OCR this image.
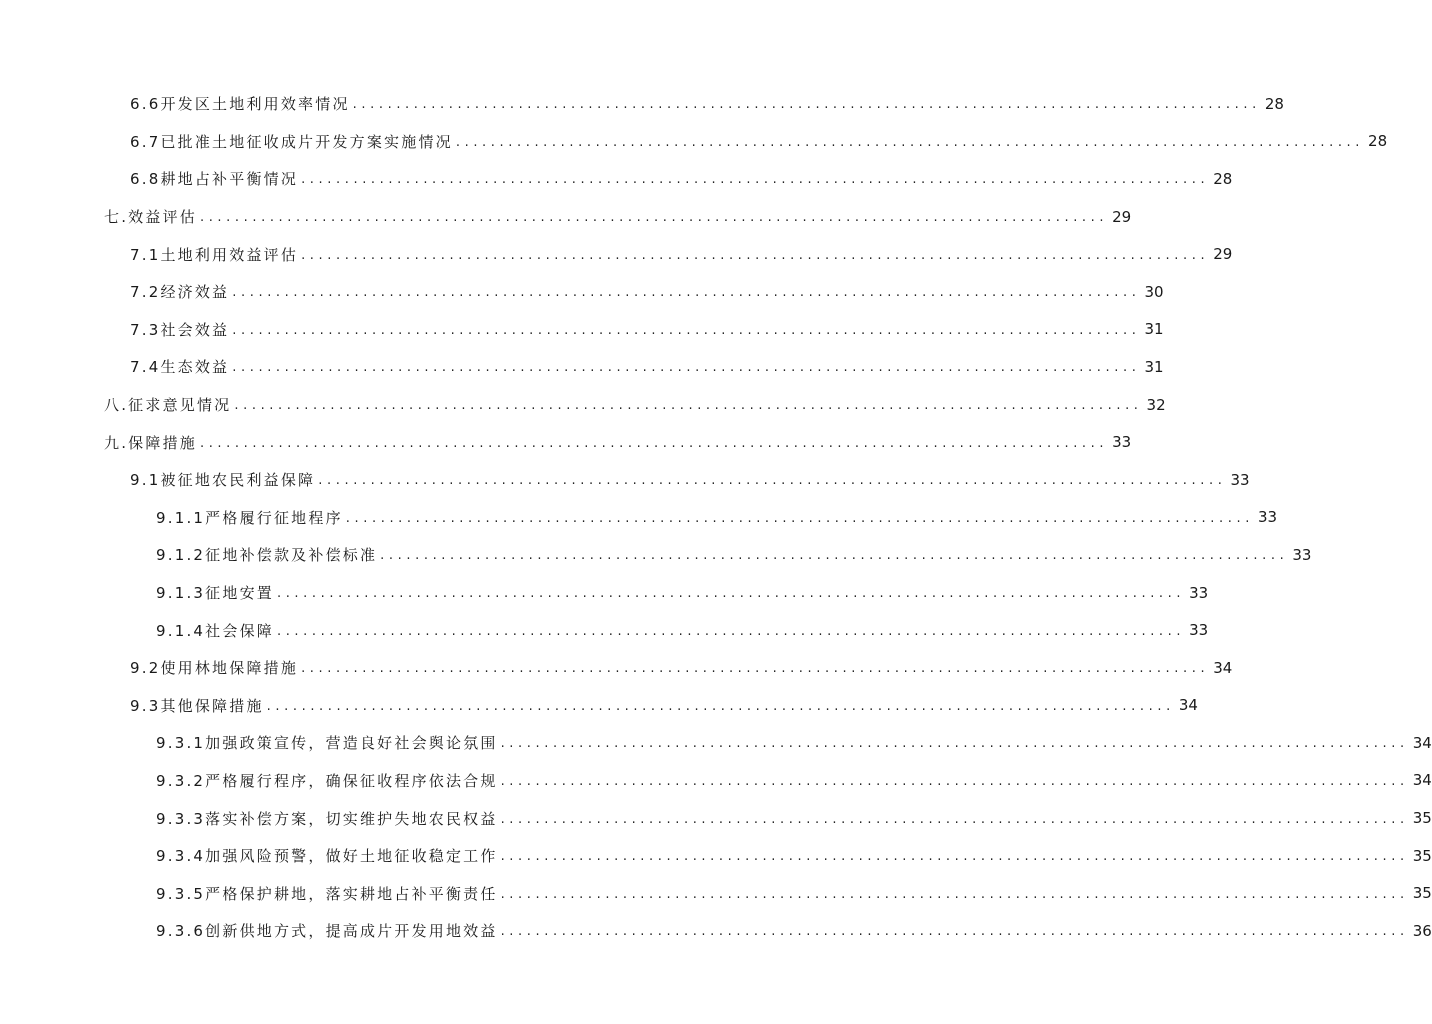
6.6开发区土地利用效率情况 ........................................................................................................ 28
6.7已批准土地征收成片开发方案实施情况 ........................................................................................................ 28
6.8耕地占补平衡情况 ........................................................................................................ 28
七.效益评估 ........................................................................................................ 29
7.1土地利用效益评估 ........................................................................................................ 29
7.2经济效益 ........................................................................................................ 30
7.3社会效益 ........................................................................................................ 31
7.4生态效益 ........................................................................................................ 31
八.征求意见情况 ........................................................................................................ 32
九.保障措施 ........................................................................................................ 33
9.1被征地农民利益保障 ........................................................................................................ 33
9.1.1严格履行征地程序 ........................................................................................................ 33
9.1.2征地补偿款及补偿标准 ........................................................................................................ 33
9.1.3征地安置 ........................................................................................................ 33
9.1.4社会保障 ........................................................................................................ 33
9.2使用林地保障措施 ........................................................................................................ 34
9.3其他保障措施 ........................................................................................................ 34
9.3.1加强政策宣传，营造良好社会舆论氛围 ........................................................................................................ 34
9.3.2严格履行程序，确保征收程序依法合规 ........................................................................................................ 34
9.3.3落实补偿方案，切实维护失地农民权益 ........................................................................................................ 35
9.3.4加强风险预警，做好土地征收稳定工作 ........................................................................................................ 35
9.3.5严格保护耕地，落实耕地占补平衡责任 ........................................................................................................ 35
9.3.6创新供地方式，提高成片开发用地效益 ........................................................................................................ 36
